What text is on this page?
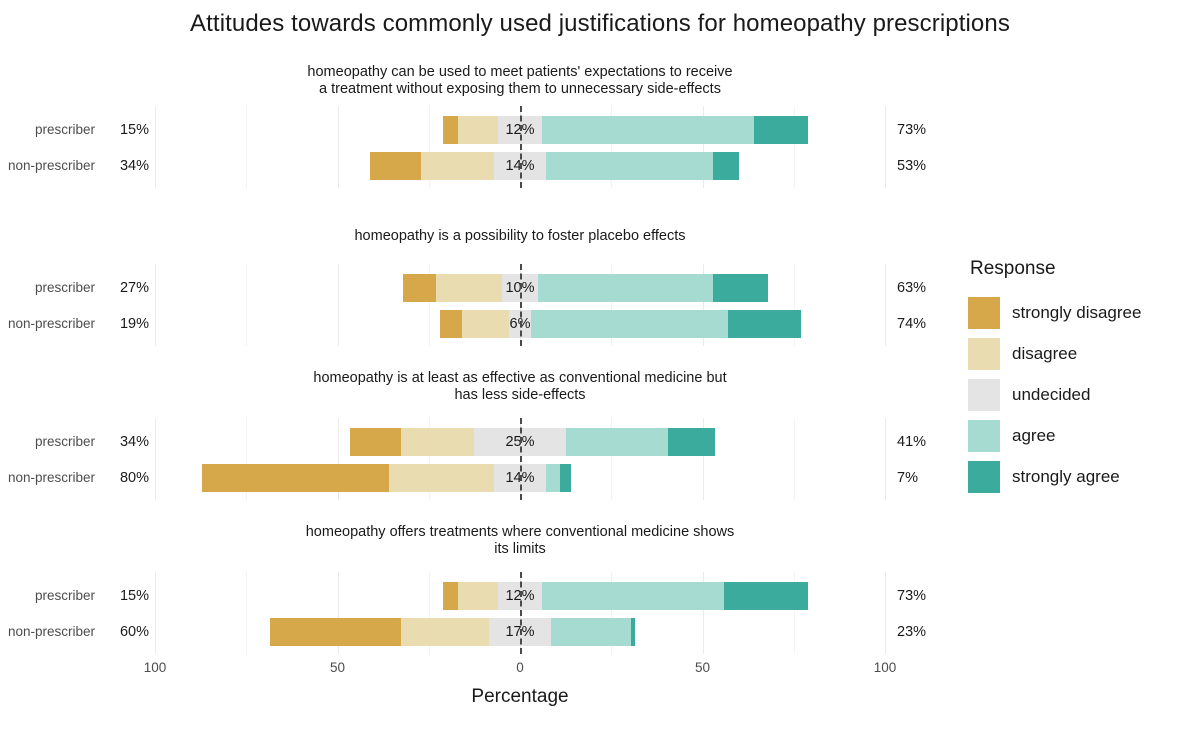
Attitudes towards commonly used justifications for homeopathy prescriptions
homeopathy can be used to meet patients' expectations to receive
a treatment without exposing them to unnecessary side-effects
prescriber	15%	73%
12%
non-prescriber	34%	53%
14%
homeopathy is a possibility to foster placebo effects
prescriber	27%	63%
10%
non-prescriber	19%	74%
6%
homeopathy is at least as effective as conventional medicine but
has less side-effects
prescriber	34%	41%
25%
non-prescriber	80%	7%
14%
homeopathy offers treatments where conventional medicine shows
its limits
prescriber	15%	73%
12%
non-prescriber	60%	23%
17%
100	50	0	50	100
Percentage
Response
strongly disagree
disagree
undecided
agree
strongly agree
